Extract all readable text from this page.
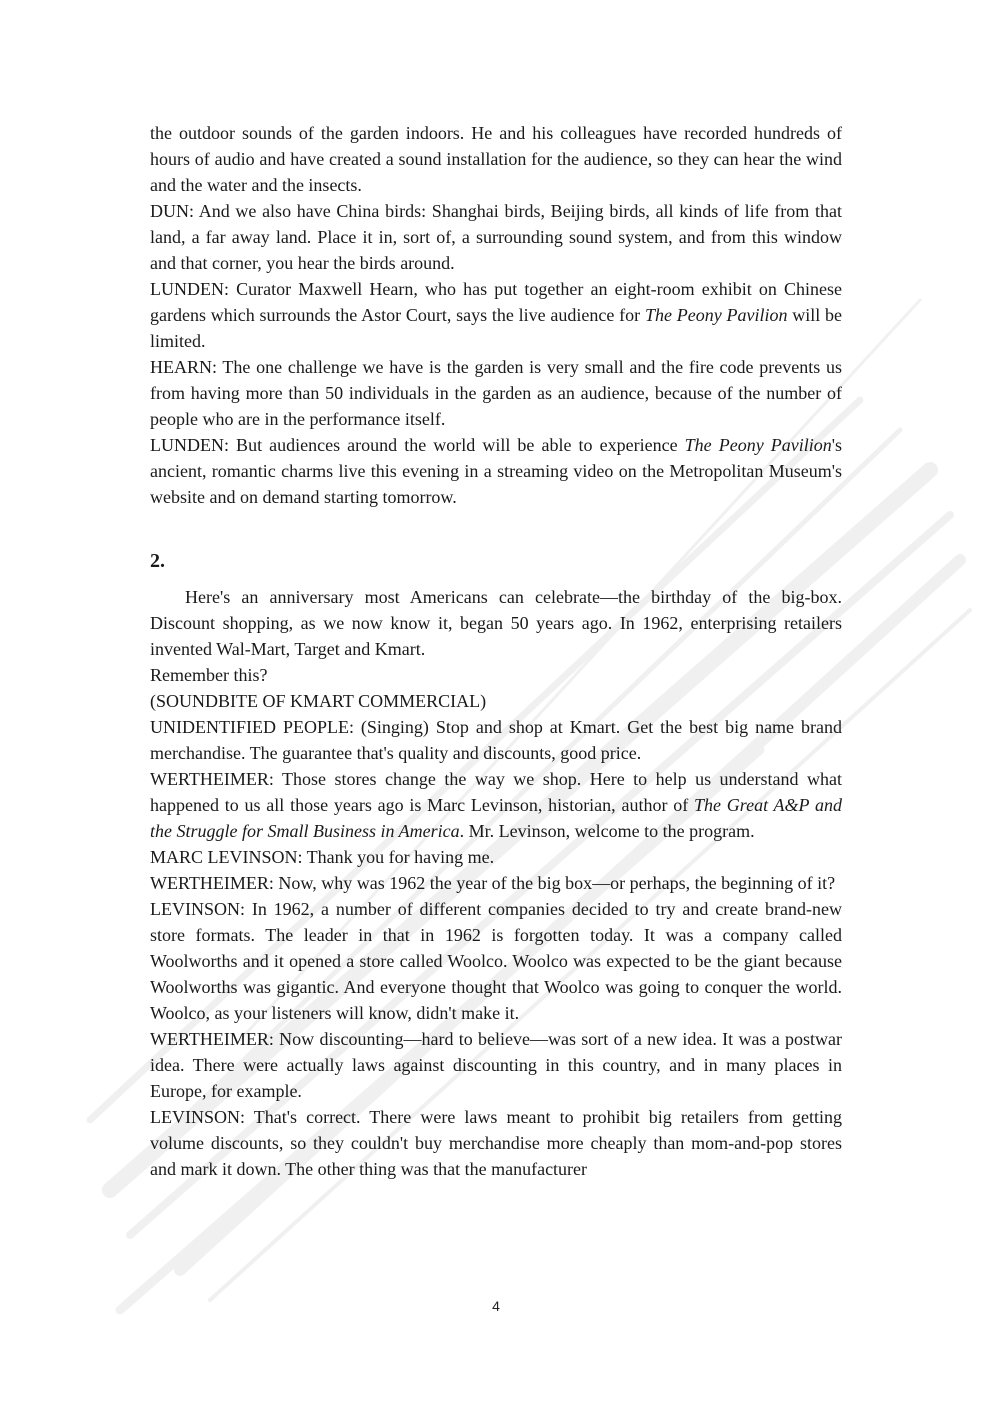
the outdoor sounds of the garden indoors. He and his colleagues have recorded hundreds of hours of audio and have created a sound installation for the audience, so they can hear the wind and the water and the insects.

DUN: And we also have China birds: Shanghai birds, Beijing birds, all kinds of life from that land, a far away land. Place it in, sort of, a surrounding sound system, and from this window and that corner, you hear the birds around.

LUNDEN: Curator Maxwell Hearn, who has put together an eight-room exhibit on Chinese gardens which surrounds the Astor Court, says the live audience for The Peony Pavilion will be limited.

HEARN: The one challenge we have is the garden is very small and the fire code prevents us from having more than 50 individuals in the garden as an audience, because of the number of people who are in the performance itself.

LUNDEN: But audiences around the world will be able to experience The Peony Pavilion's ancient, romantic charms live this evening in a streaming video on the Metropolitan Museum's website and on demand starting tomorrow.

2.

Here's an anniversary most Americans can celebrate—the birthday of the big-box. Discount shopping, as we now know it, began 50 years ago. In 1962, enterprising retailers invented Wal-Mart, Target and Kmart.

Remember this?

(SOUNDBITE OF KMART COMMERCIAL)

UNIDENTIFIED PEOPLE: (Singing) Stop and shop at Kmart. Get the best big name brand merchandise. The guarantee that's quality and discounts, good price.

WERTHEIMER: Those stores change the way we shop. Here to help us understand what happened to us all those years ago is Marc Levinson, historian, author of The Great A&P and the Struggle for Small Business in America. Mr. Levinson, welcome to the program.

MARC LEVINSON: Thank you for having me.

WERTHEIMER: Now, why was 1962 the year of the big box—or perhaps, the beginning of it?

LEVINSON: In 1962, a number of different companies decided to try and create brand-new store formats. The leader in that in 1962 is forgotten today. It was a company called Woolworths and it opened a store called Woolco. Woolco was expected to be the giant because Woolworths was gigantic. And everyone thought that Woolco was going to conquer the world. Woolco, as your listeners will know, didn't make it.

WERTHEIMER: Now discounting—hard to believe—was sort of a new idea. It was a postwar idea. There were actually laws against discounting in this country, and in many places in Europe, for example.

LEVINSON: That's correct. There were laws meant to prohibit big retailers from getting volume discounts, so they couldn't buy merchandise more cheaply than mom-and-pop stores and mark it down. The other thing was that the manufacturer

4
